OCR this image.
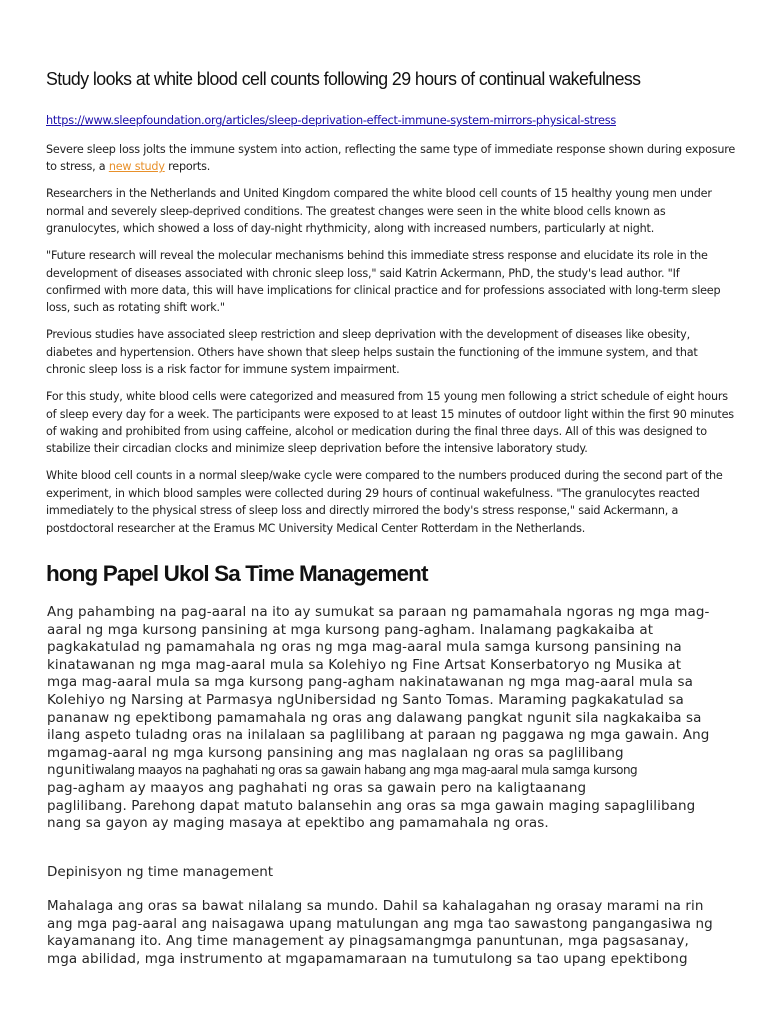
Study looks at white blood cell counts following 29 hours of continual wakefulness
https://www.sleepfoundation.org/articles/sleep-deprivation-effect-immune-system-mirrors-physical-stress

Severe sleep loss jolts the immune system into action, reflecting the same type of immediate response shown during exposure to stress, a new study reports.

Researchers in the Netherlands and United Kingdom compared the white blood cell counts of 15 healthy young men under normal and severely sleep-deprived conditions. The greatest changes were seen in the white blood cells known as granulocytes, which showed a loss of day-night rhythmicity, along with increased numbers, particularly at night.

"Future research will reveal the molecular mechanisms behind this immediate stress response and elucidate its role in the development of diseases associated with chronic sleep loss," said Katrin Ackermann, PhD, the study's lead author. "If confirmed with more data, this will have implications for clinical practice and for professions associated with long-term sleep loss, such as rotating shift work."

Previous studies have associated sleep restriction and sleep deprivation with the development of diseases like obesity, diabetes and hypertension. Others have shown that sleep helps sustain the functioning of the immune system, and that chronic sleep loss is a risk factor for immune system impairment.

For this study, white blood cells were categorized and measured from 15 young men following a strict schedule of eight hours of sleep every day for a week. The participants were exposed to at least 15 minutes of outdoor light within the first 90 minutes of waking and prohibited from using caffeine, alcohol or medication during the final three days. All of this was designed to stabilize their circadian clocks and minimize sleep deprivation before the intensive laboratory study.

White blood cell counts in a normal sleep/wake cycle were compared to the numbers produced during the second part of the experiment, in which blood samples were collected during 29 hours of continual wakefulness. "The granulocytes reacted immediately to the physical stress of sleep loss and directly mirrored the body's stress response," said Ackermann, a postdoctoral researcher at the Eramus MC University Medical Center Rotterdam in the Netherlands.

hong Papel Ukol Sa Time Management

Ang pahambing na pag-aaral na ito ay sumukat sa paraan ng pamamahala ngoras ng mga mag-
aaral ng mga kursong pansining at mga kursong pang-agham. Inalamang pagkakaiba at
pagkakatulad ng pamamahala ng oras ng mga mag-aaral mula samga kursong pansining na
kinatawanan ng mga mag-aaral mula sa Kolehiyo ng Fine Artsat Konserbatoryo ng Musika at
mga mag-aaral mula sa mga kursong pang-agham nakinatawanan ng mga mag-aaral mula sa
Kolehiyo ng Narsing at Parmasya ngUnibersidad ng Santo Tomas. Maraming pagkakatulad sa
pananaw ng epektibong pamamahala ng oras ang dalawang pangkat ngunit sila nagkakaiba sa
ilang aspeto tuladng oras na inilalaan sa paglilibang at paraan ng paggawa ng mga gawain. Ang
mgamag-aaral ng mga kursong pansining ang mas naglalaan ng oras sa paglilibang
ngunitiwalang maayos na paghahati ng oras sa gawain habang ang mga mag-aaral mula samga kursong
pag-agham ay maayos ang paghahati ng oras sa gawain pero na kaligtaanang
paglilibang. Parehong dapat matuto balansehin ang oras sa mga gawain maging sapaglilibang
nang sa gayon ay maging masaya at epektibo ang pamamahala ng oras.

Depinisyon ng time management

Mahalaga ang oras sa bawat nilalang sa mundo. Dahil sa kahalagahan ng orasay marami na rin
ang mga pag-aaral ang naisagawa upang matulungan ang mga tao sawastong pangangasiwa ng
kayamanang ito. Ang time management ay pinagsamangmga panuntunan, mga pagsasanay,
mga abilidad, mga instrumento at mgapamamaraan na tumutulong sa tao upang epektibong
